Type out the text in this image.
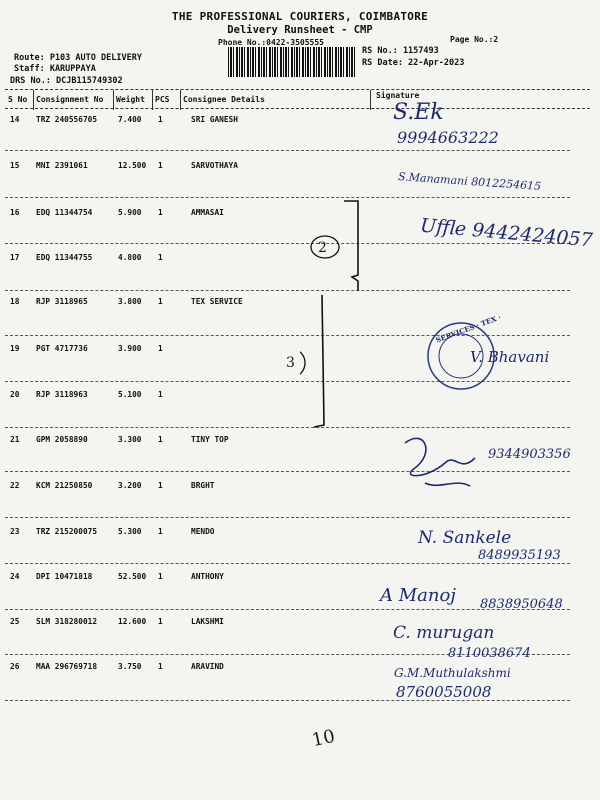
THE PROFESSIONAL COURIERS, COIMBATORE
Delivery Runsheet - CMP
Phone No.:0422-3505555	Page No.:2
Route: P103 AUTO DELIVERY
Staff: KARUPPAYA
DRS No.: DCJB115749302
RS No.: 1157493
RS Date: 22-Apr-2023
S No Consignment No Weight PCS Consignee Details	Signature
14 TRZ 240556705	7.400 1	SRI GANESH
15 MNI 2391061	12.500 1	SARVOTHAYA
16 EDQ 11344754	5.900 1	AMMASAI
17 EDQ 11344755	4.800 1
18 RJP 3118965	3.800 1	TEX SERVICE
19 PGT 4717736	3.900 1
20 RJP 3118963	5.100 1
21 GPM 2058890	3.300 1	TINY TOP
22 KCM 21250850	3.200 1	BRGHT
23 TRZ 215200075	5.300 1	MENDO
24 DPI 10471818	52.500 1	ANTHONY
25 SLM 318280012	12.600 1	LAKSHMI
26 MAA 296769718	3.750 1	ARAVIND
2
3
SERVICES · TEX ·
S.Ek
9994663222
S.Manamani 8012254615
Uffle 9442424057
V. Bhavani
9344903356
N. Sankele
8489935193
A Manoj 8838950648
C. murugan
8110038674
G.M.Muthulakshmi
8760055008
10
